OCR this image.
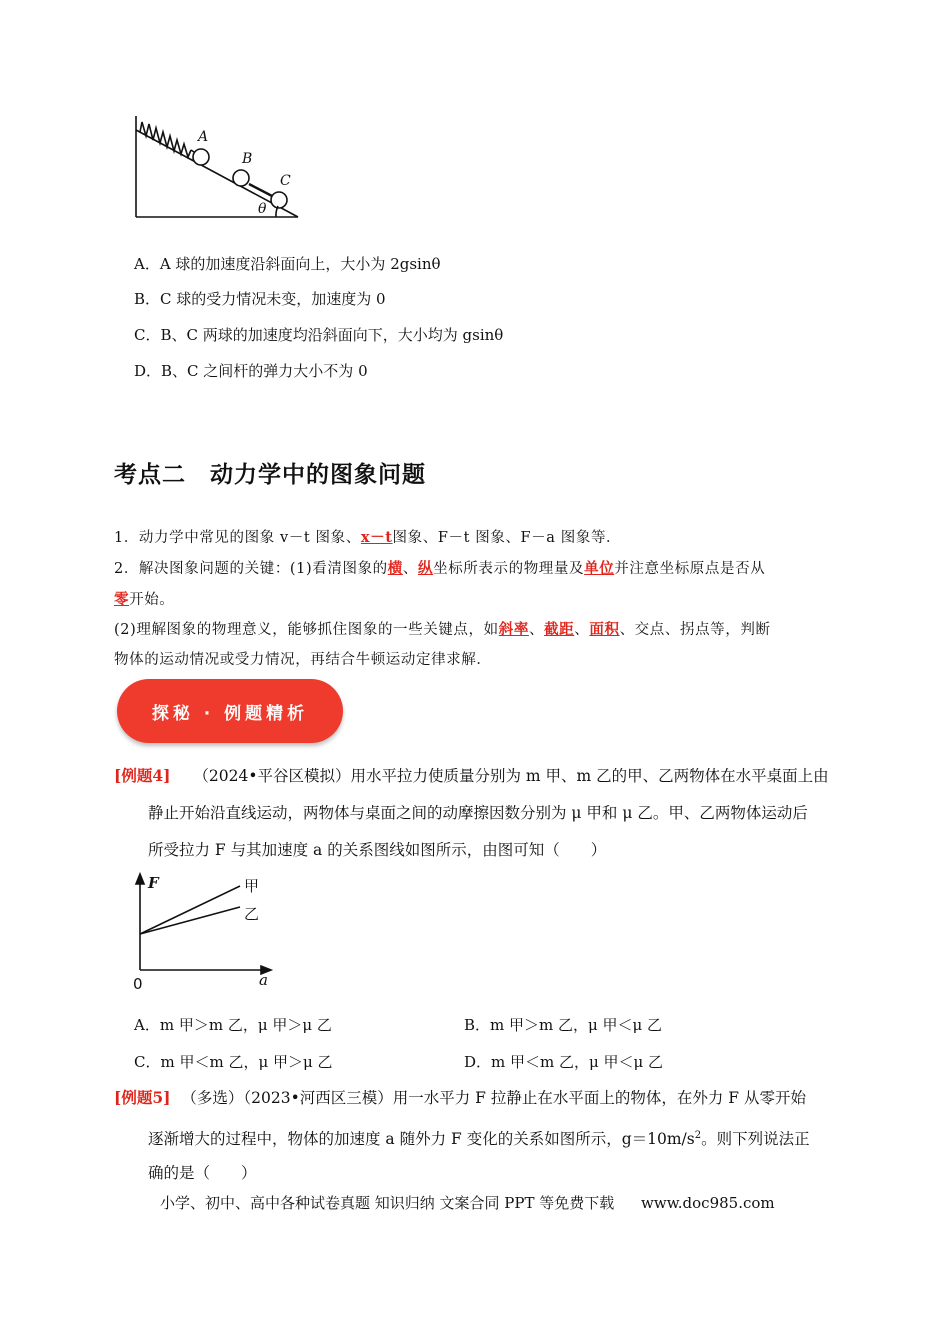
A
B
C
θ
A．A 球的加速度沿斜面向上，大小为 2gsinθ
B．C 球的受力情况未变，加速度为 0
C．B、C 两球的加速度均沿斜面向下，大小均为 gsinθ
D．B、C 之间杆的弹力大小不为 0
考点二　动力学中的图象问题
1．动力学中常见的图象 v－t 图象、x－t图象、F－t 图象、F－a 图象等．
2．解决图象问题的关键：(1)看清图象的横、纵坐标所表示的物理量及单位并注意坐标原点是否从
零开始。
(2)理解图象的物理意义，能够抓住图象的一些关键点，如斜率、截距、面积、交点、拐点等，判断
物体的运动情况或受力情况，再结合牛顿运动定律求解．
探秘 · 例题精析
[例题4] （2024•平谷区模拟）用水平拉力使质量分别为 m 甲、m 乙的甲、乙两物体在水平桌面上由
静止开始沿直线运动，两物体与桌面之间的动摩擦因数分别为 μ 甲和 μ 乙。甲、乙两物体运动后
所受拉力 F 与其加速度 a 的关系图线如图所示，由图可知（　　）
F
a
0
甲
乙
A．m 甲＞m 乙，μ 甲＞μ 乙	B．m 甲＞m 乙，μ 甲＜μ 乙
C．m 甲＜m 乙，μ 甲＞μ 乙	D．m 甲＜m 乙，μ 甲＜μ 乙
[例题5] （多选）（2023•河西区三模）用一水平力 F 拉静止在水平面上的物体，在外力 F 从零开始
逐渐增大的过程中，物体的加速度 a 随外力 F 变化的关系如图所示，$g=10m/s^2$。则下列说法正
确的是（　　）
小学、初中、高中各种试卷真题 知识归纳 文案合同 PPT 等免费下载 www.doc985.com
